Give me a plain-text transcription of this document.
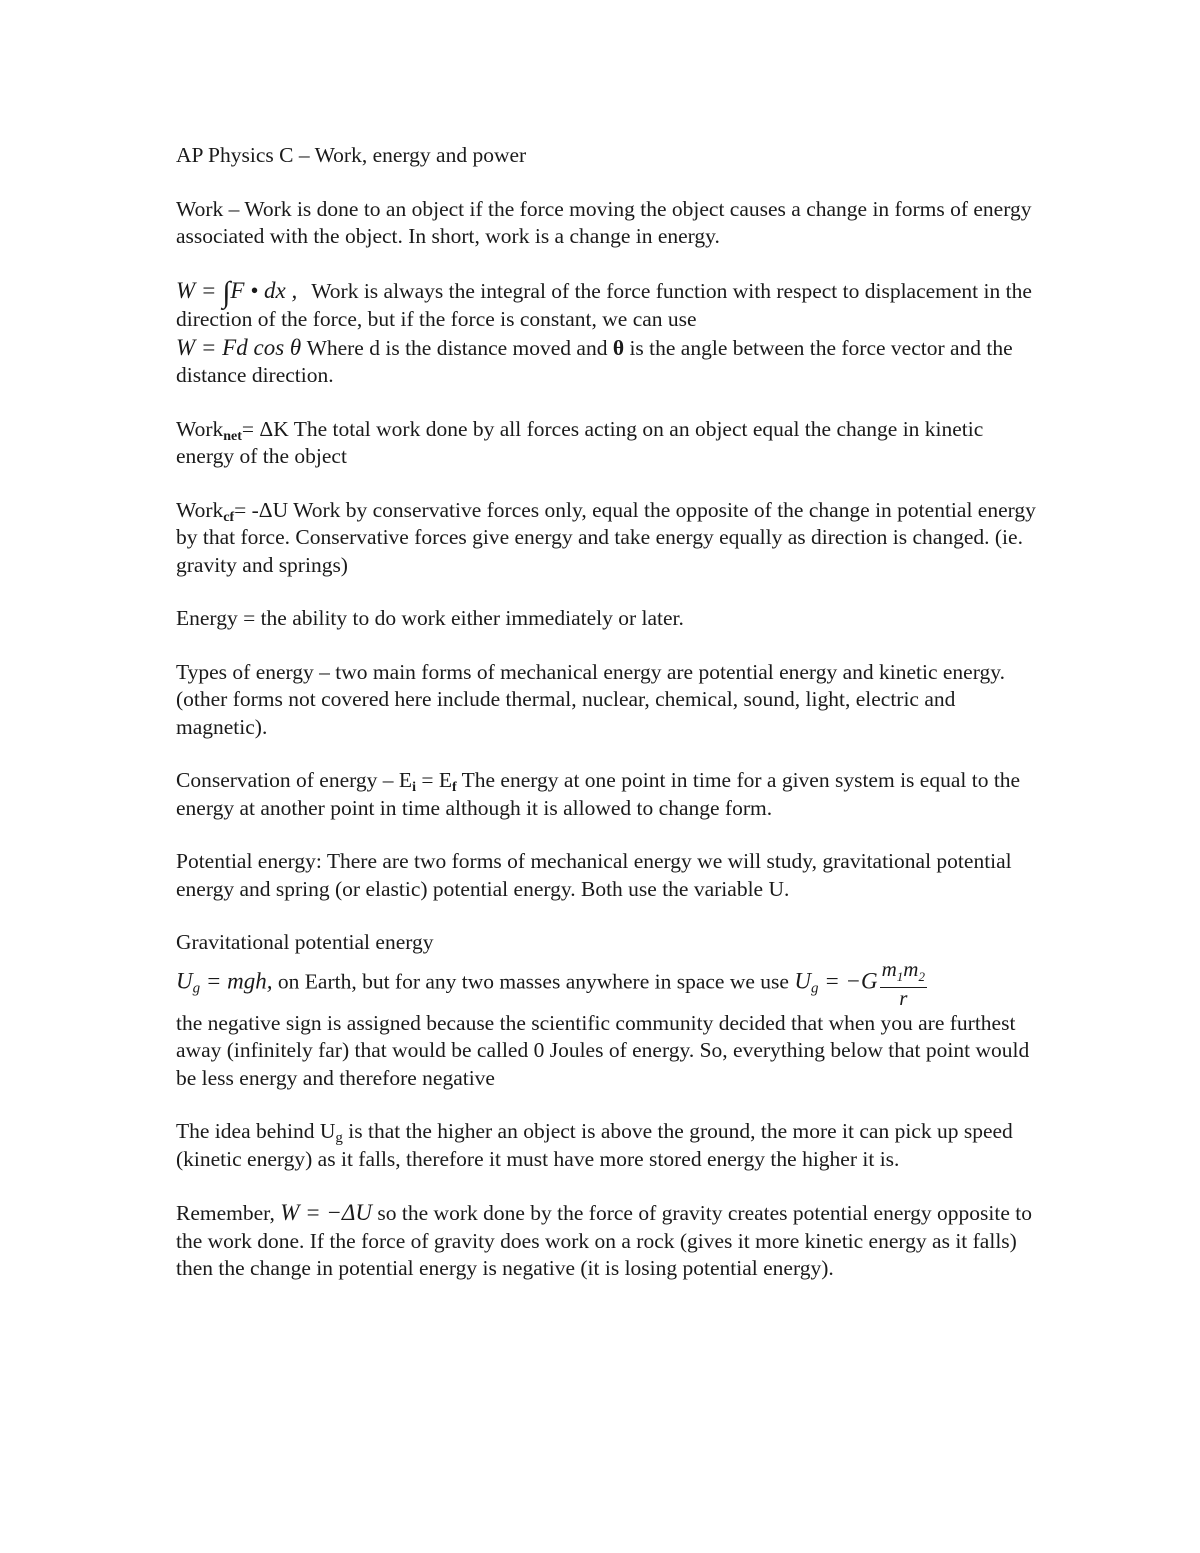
AP Physics C – Work, energy and power

Work – Work is done to an object if the force moving the object causes a change in forms of energy associated with the object. In short, work is a change in energy.

W = ∫F • dx , Work is always the integral of the force function with respect to displacement in the direction of the force, but if the force is constant, we can use
W = Fd cos θ Where d is the distance moved and θ is the angle between the force vector and the distance direction.

Work$_{net}$= ΔK The total work done by all forces acting on an object equal the change in kinetic energy of the object

Work$_{cf}$= -ΔU Work by conservative forces only, equal the opposite of the change in potential energy by that force. Conservative forces give energy and take energy equally as direction is changed. (ie. gravity and springs)

Energy = the ability to do work either immediately or later.

Types of energy – two main forms of mechanical energy are potential energy and kinetic energy. (other forms not covered here include thermal, nuclear, chemical, sound, light, electric and magnetic).

Conservation of energy – $E_i = E_f$ The energy at one point in time for a given system is equal to the energy at another point in time although it is allowed to change form.

Potential energy: There are two forms of mechanical energy we will study, gravitational potential energy and spring (or elastic) potential energy. Both use the variable U.

Gravitational potential energy
$U_g$ = mgh, on Earth, but for any two masses anywhere in space we use $U_g = -G \frac{m_1m_2}{r}$
the negative sign is assigned because the scientific community decided that when you are furthest away (infinitely far) that would be called 0 Joules of energy. So, everything below that point would be less energy and therefore negative

The idea behind $U_g$ is that the higher an object is above the ground, the more it can pick up speed (kinetic energy) as it falls, therefore it must have more stored energy the higher it is.

Remember, W = −ΔU so the work done by the force of gravity creates potential energy opposite to the work done. If the force of gravity does work on a rock (gives it more kinetic energy as it falls) then the change in potential energy is negative (it is losing potential energy).
